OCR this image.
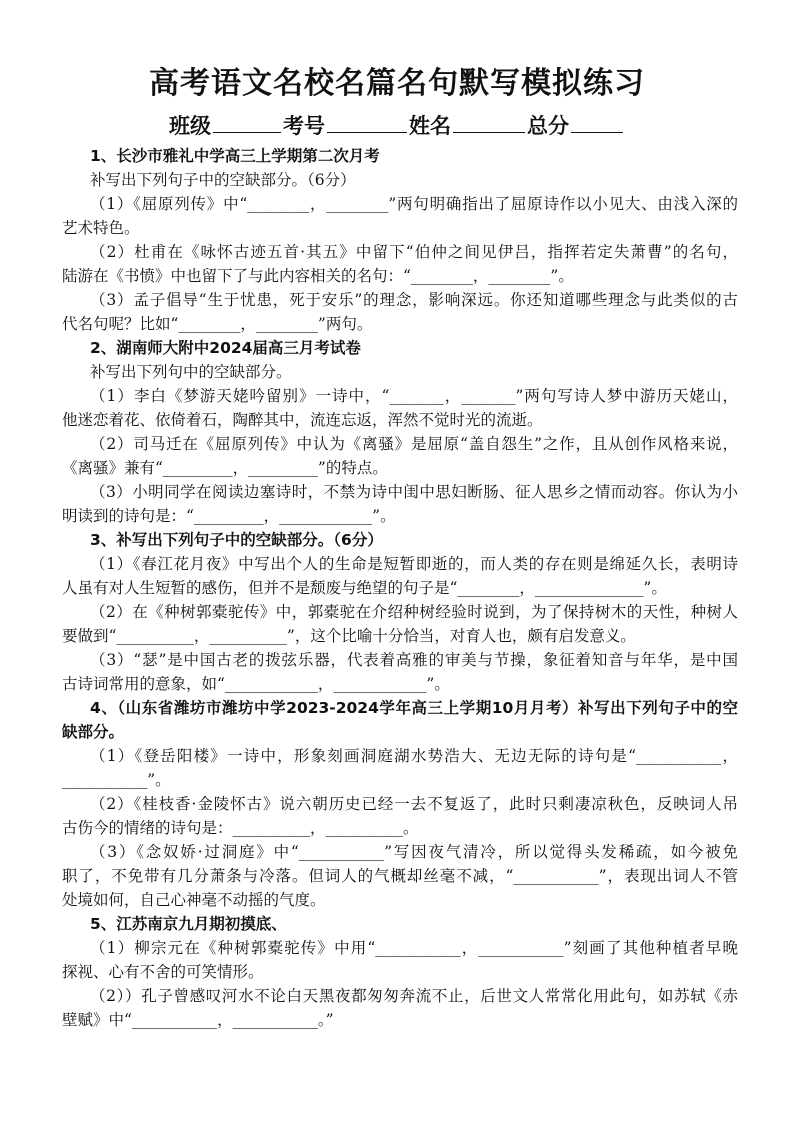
高考语文名校名篇名句默写模拟练习
班级	考号	姓名	总分
1、长沙市雅礼中学高三上学期第二次月考
补写出下列句子中的空缺部分。（6分）
（1）《屈原列传》中“________，________”两句明确指出了屈原诗作以小见大、由浅入深的
艺术特色。
（2）杜甫在《咏怀古迹五首·其五》中留下“伯仲之间见伊吕，指挥若定失萧曹”的名句，
陆游在《书愤》中也留下了与此内容相关的名句：“________，________”。
（3）孟子倡导“生于忧患，死于安乐”的理念，影响深远。你还知道哪些理念与此类似的古
代名句呢？比如“________，________”两句。
2、湖南师大附中2024届高三月考试卷
补写出下列句中的空缺部分。
（1）李白《梦游天姥吟留别》一诗中，“_______，_______”两句写诗人梦中游历天姥山，
他迷恋着花、依倚着石，陶醉其中，流连忘返，浑然不觉时光的流逝。
（2）司马迁在《屈原列传》中认为《离骚》是屈原“盖自怨生”之作，且从创作风格来说，
《离骚》兼有“_________，_________”的特点。
（3）小明同学在阅读边塞诗时，不禁为诗中闺中思妇断肠、征人思乡之情而动容。你认为小
明读到的诗句是：“_________，____________”。
3、补写出下列句子中的空缺部分。（6分）
（1）《春江花月夜》中写出个人的生命是短暂即逝的，而人类的存在则是绵延久长，表明诗
人虽有对人生短暂的感伤，但并不是颓废与绝望的句子是“________，______________”。
（2）在《种树郭橐驼传》中，郭橐驼在介绍种树经验时说到，为了保持树木的天性，种树人
要做到“__________，__________”，这个比喻十分恰当，对育人也，颇有启发意义。
（3）“瑟”是中国古老的拨弦乐器，代表着高雅的审美与节操，象征着知音与年华，是中国
古诗词常用的意象，如“____________，____________”。
4、（山东省潍坊市潍坊中学2023-2024学年高三上学期10月月考）补写出下列句子中的空
缺部分。
（1）《登岳阳楼》一诗中，形象刻画洞庭湖水势浩大、无边无际的诗句是“___________，
___________”。
（2）《桂枝香·金陵怀古》说六朝历史已经一去不复返了，此时只剩凄凉秋色，反映词人吊
古伤今的情绪的诗句是：__________，__________。
（3）《念奴娇·过洞庭》中“___________”写因夜气清冷，所以觉得头发稀疏，如今被免
职了，不免带有几分萧条与冷落。但词人的气概却丝毫不减，“___________”，表现出词人不管
处境如何，自己心神毫不动摇的气度。
5、江苏南京九月期初摸底、
（1）柳宗元在《种树郭橐驼传》中用“___________，___________”刻画了其他种植者早晚
探视、心有不舍的可笑情形。
（2））孔子曾感叹河水不论白天黑夜都匆匆奔流不止，后世文人常常化用此句，如苏轼《赤
壁赋》中“___________，___________。”
